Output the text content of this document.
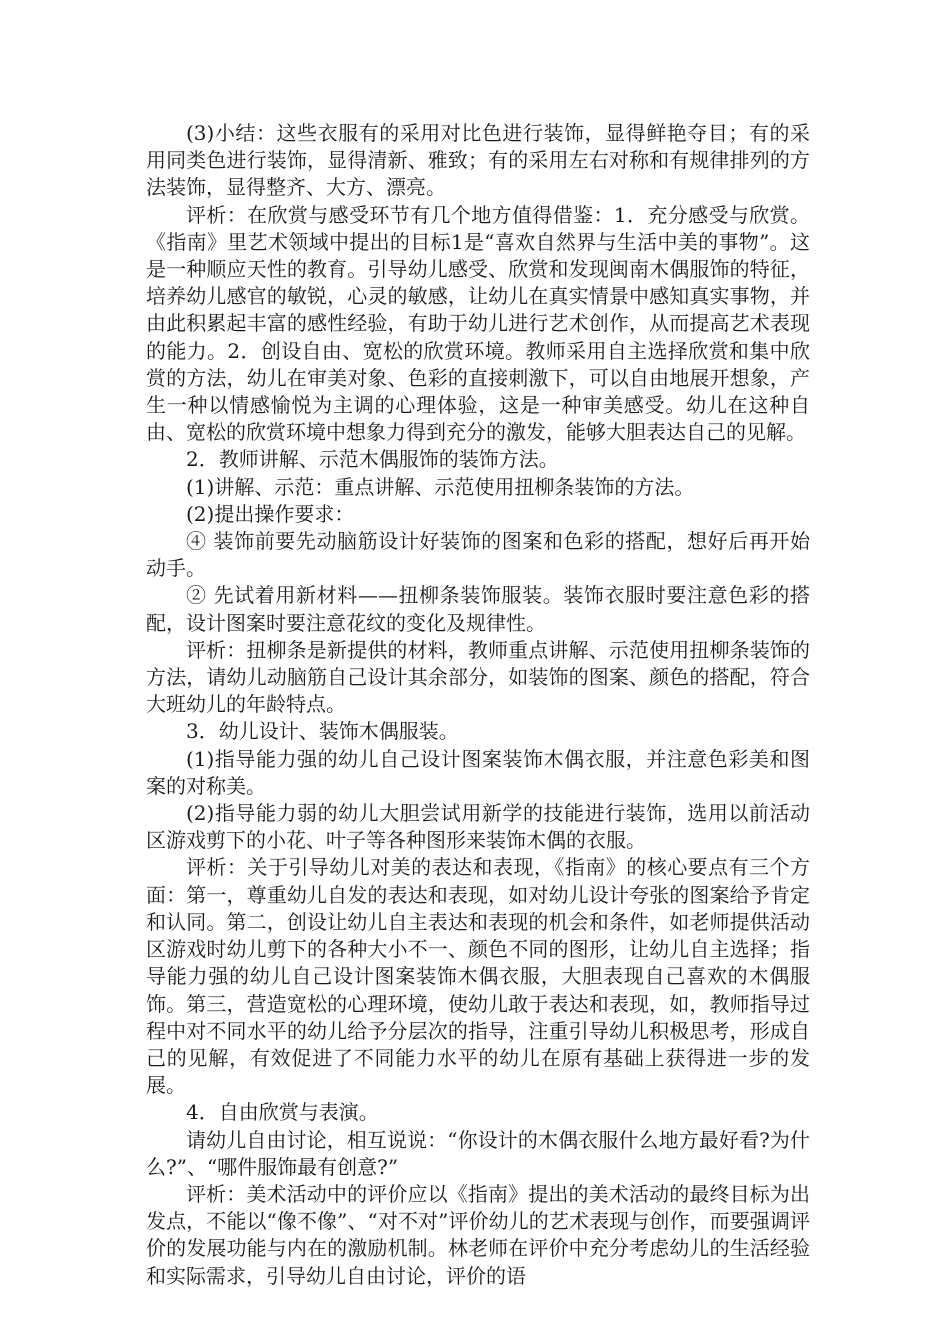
(3)小结：这些衣服有的采用对比色进行装饰，显得鲜艳夺目；有的采用同类色进行装饰，显得清新、雅致；有的采用左右对称和有规律排列的方法装饰，显得整齐、大方、漂亮。

评析：在欣赏与感受环节有几个地方值得借鉴：1．充分感受与欣赏。《指南》里艺术领域中提出的目标1是“喜欢自然界与生活中美的事物”。这是一种顺应天性的教育。引导幼儿感受、欣赏和发现闽南木偶服饰的特征，培养幼儿感官的敏锐，心灵的敏感，让幼儿在真实情景中感知真实事物，并由此积累起丰富的感性经验，有助于幼儿进行艺术创作，从而提高艺术表现的能力。2．创设自由、宽松的欣赏环境。教师采用自主选择欣赏和集中欣赏的方法，幼儿在审美对象、色彩的直接刺激下，可以自由地展开想象，产生一种以情感愉悦为主调的心理体验，这是一种审美感受。幼儿在这种自由、宽松的欣赏环境中想象力得到充分的激发，能够大胆表达自己的见解。

2．教师讲解、示范木偶服饰的装饰方法。

(1)讲解、示范：重点讲解、示范使用扭柳条装饰的方法。

(2)提出操作要求：

④ 装饰前要先动脑筋设计好装饰的图案和色彩的搭配，想好后再开始动手。

② 先试着用新材料——扭柳条装饰服装。装饰衣服时要注意色彩的搭配，设计图案时要注意花纹的变化及规律性。

评析：扭柳条是新提供的材料，教师重点讲解、示范使用扭柳条装饰的方法，请幼儿动脑筋自己设计其余部分，如装饰的图案、颜色的搭配，符合大班幼儿的年龄特点。

3．幼儿设计、装饰木偶服装。

(1)指导能力强的幼儿自己设计图案装饰木偶衣服，并注意色彩美和图案的对称美。

(2)指导能力弱的幼儿大胆尝试用新学的技能进行装饰，选用以前活动区游戏剪下的小花、叶子等各种图形来装饰木偶的衣服。

评析：关于引导幼儿对美的表达和表现，《指南》的核心要点有三个方面：第一，尊重幼儿自发的表达和表现，如对幼儿设计夸张的图案给予肯定和认同。第二，创设让幼儿自主表达和表现的机会和条件，如老师提供活动区游戏时幼儿剪下的各种大小不一、颜色不同的图形，让幼儿自主选择；指导能力强的幼儿自己设计图案装饰木偶衣服，大胆表现自己喜欢的木偶服饰。第三，营造宽松的心理环境，使幼儿敢于表达和表现，如，教师指导过程中对不同水平的幼儿给予分层次的指导，注重引导幼儿积极思考，形成自己的见解，有效促进了不同能力水平的幼儿在原有基础上获得进一步的发展。

4．自由欣赏与表演。

请幼儿自由讨论，相互说说：“你设计的木偶衣服什么地方最好看?为什么?”、“哪件服饰最有创意?”

评析：美术活动中的评价应以《指南》提出的美术活动的最终目标为出发点，不能以“像不像”、“对不对”评价幼儿的艺术表现与创作，而要强调评价的发展功能与内在的激励机制。林老师在评价中充分考虑幼儿的生活经验和实际需求，引导幼儿自由讨论，评价的语
